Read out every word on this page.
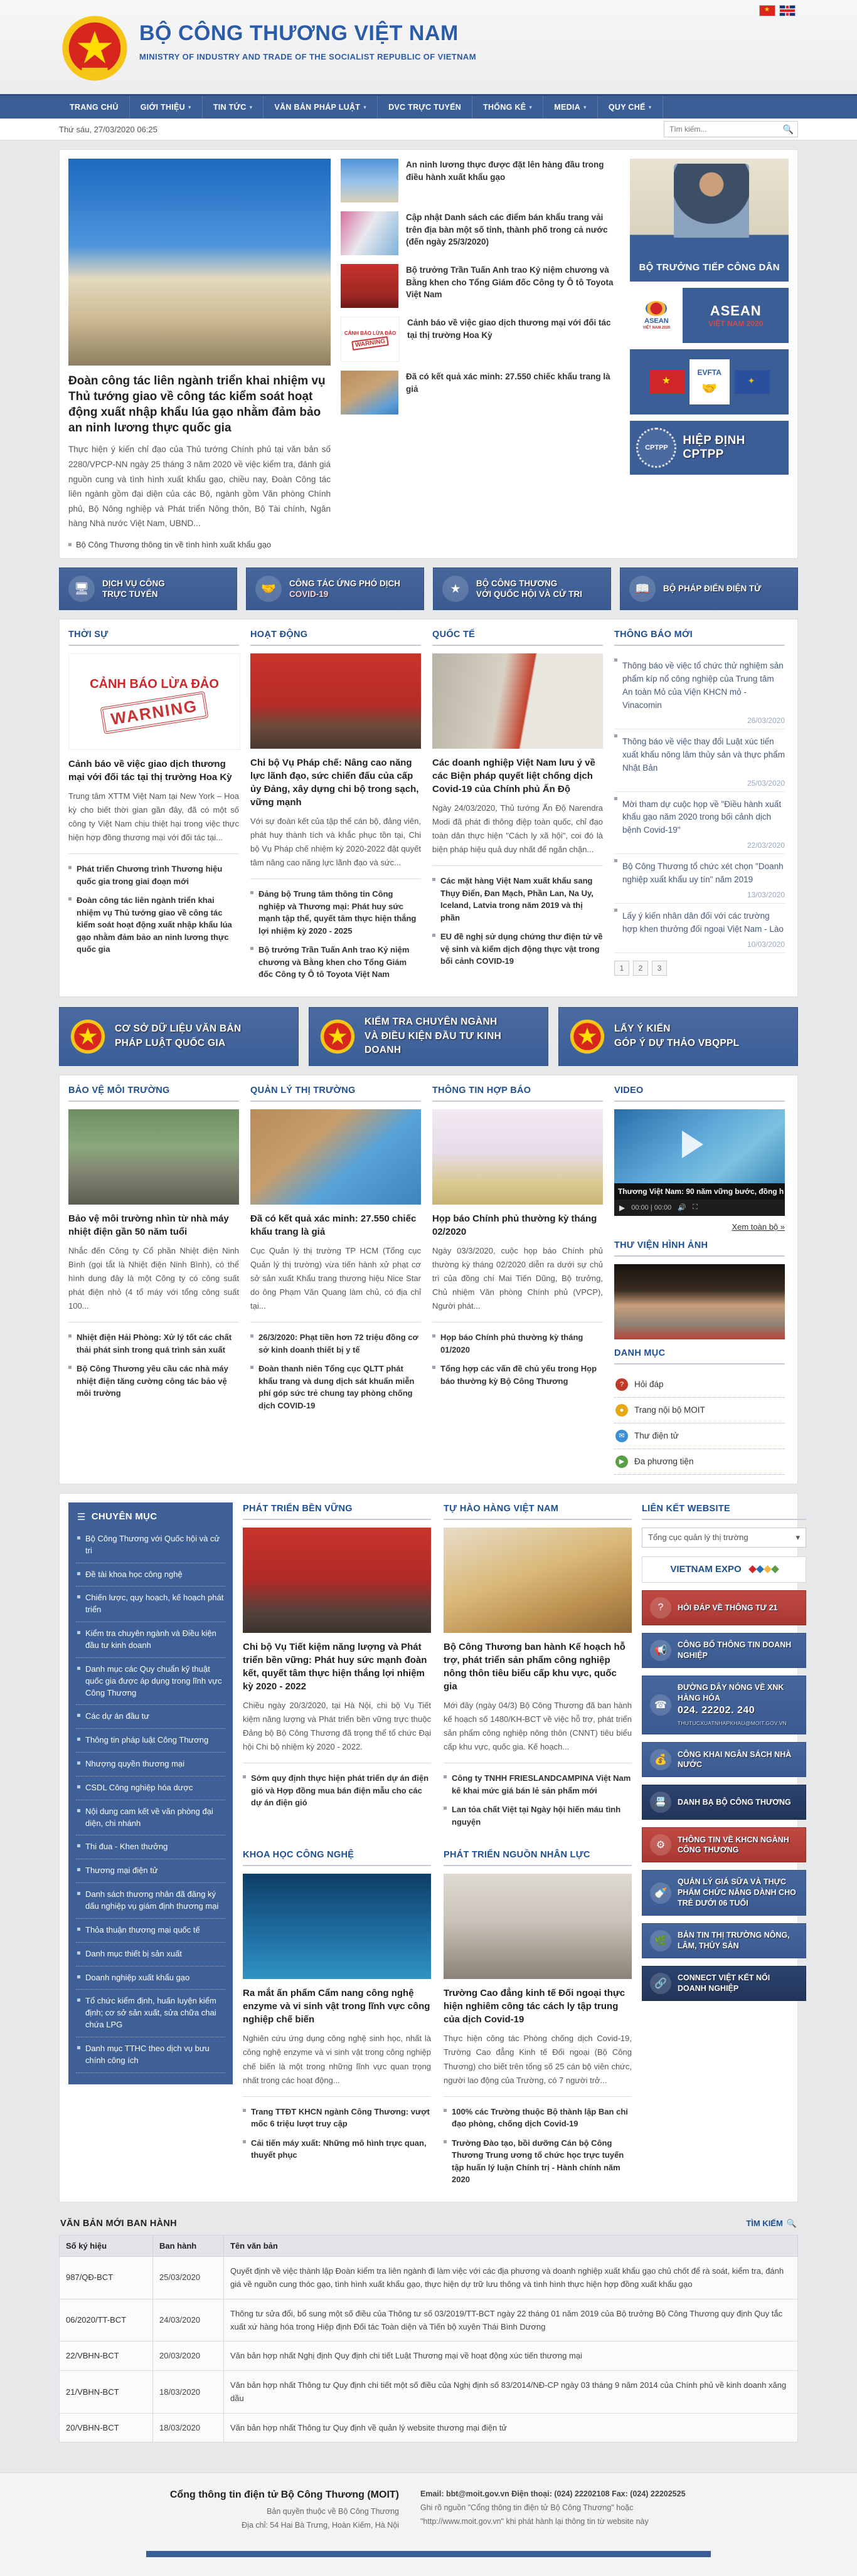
BỘ CÔNG THƯƠNG VIỆT NAM
MINISTRY OF INDUSTRY AND TRADE OF THE SOCIALIST REPUBLIC OF VIETNAM
★
TRANG CHỦ	GIỚI THIỆU ▾	TIN TỨC ▾	VĂN BẢN PHÁP LUẬT ▾	DVC TRỰC TUYẾN	THỐNG KÊ ▾	MEDIA ▾	QUY CHẾ ▾
Thứ sáu, 27/03/2020 06:25
Tìm kiếm...	🔍
Đoàn công tác liên ngành triển khai nhiệm vụ Thủ tướng giao về công tác kiểm soát hoạt động xuất nhập khẩu lúa gạo nhằm đảm bảo an ninh lương thực quốc gia

Thực hiện ý kiến chỉ đạo của Thủ tướng Chính phủ tại văn bản số 2280/VPCP-NN ngày 25 tháng 3 năm 2020 về việc kiểm tra, đánh giá nguồn cung và tình hình xuất khẩu gạo, chiều nay, Đoàn Công tác liên ngành gồm đại diện của các Bộ, ngành gồm Văn phòng Chính phủ, Bộ Nông nghiệp và Phát triển Nông thôn, Bộ Tài chính, Ngân hàng Nhà nước Việt Nam, UBND...

Bộ Công Thương thông tin về tình hình xuất khẩu gạo
An ninh lương thực được đặt lên hàng đầu trong điều hành xuất khẩu gạo
Cập nhật Danh sách các điểm bán khẩu trang vải trên địa bàn một số tỉnh, thành phố trong cả nước (đến ngày 25/3/2020)
Bộ trưởng Trần Tuấn Anh trao Kỷ niệm chương và Bằng khen cho Tổng Giám đốc Công ty Ô tô Toyota Việt Nam
CẢNH BÁO LỪA ĐẢO
WARNING
Cảnh báo về việc giao dịch thương mại với đối tác tại thị trường Hoa Kỳ
Đã có kết quả xác minh: 27.550 chiếc khẩu trang là giả
BỘ TRƯỞNG TIẾP CÔNG DÂN
ASEAN
VIỆT NAM 2020
ASEAN
VIỆT NAM 2020
★
EVFTA
🤝
✦
CPTPP
HIỆP ĐỊNH CPTPP
🖥	DỊCH VỤ CÔNG
TRỰC TUYẾN	🤝	CÔNG TÁC ỨNG PHÓ DỊCH
COVID-19	★	BỘ CÔNG THƯƠNG
VỚI QUỐC HỘI VÀ CỬ TRI	📖	BỘ PHÁP ĐIỂN ĐIỆN TỬ
THỜI SỰ
CẢNH BÁO LỪA ĐẢO
WARNING
Cảnh báo về việc giao dịch thương mại với đối tác tại thị trường Hoa Kỳ

Trung tâm XTTM Việt Nam tại New York – Hoa kỳ cho biết thời gian gần đây, đã có một số công ty Việt Nam chịu thiệt hại trong việc thực hiện hợp đồng thương mại với đối tác tại...

Phát triển Chương trình Thương hiệu quốc gia trong giai đoạn mới
Đoàn công tác liên ngành triển khai nhiệm vụ Thủ tướng giao về công tác kiểm soát hoạt động xuất nhập khẩu lúa gạo nhằm đảm bảo an ninh lương thực quốc gia
HOẠT ĐỘNG
Chi bộ Vụ Pháp chế: Nâng cao năng lực lãnh đạo, sức chiến đấu của cấp ủy Đảng, xây dựng chi bộ trong sạch, vững mạnh

Với sự đoàn kết của tập thể cán bộ, đảng viên, phát huy thành tích và khắc phục tồn tại, Chi bộ Vụ Pháp chế nhiệm kỳ 2020-2022 đặt quyết tâm nâng cao năng lực lãnh đạo và sức...

Đảng bộ Trung tâm thông tin Công nghiệp và Thương mại: Phát huy sức mạnh tập thể, quyết tâm thực hiện thắng lợi nhiệm kỳ 2020 - 2025
Bộ trưởng Trần Tuấn Anh trao Kỷ niệm chương và Bằng khen cho Tổng Giám đốc Công ty Ô tô Toyota Việt Nam
QUỐC TẾ
Các doanh nghiệp Việt Nam lưu ý về các Biện pháp quyết liệt chống dịch Covid-19 của Chính phủ Ấn Độ

Ngày 24/03/2020, Thủ tướng Ấn Độ Narendra Modi đã phát đi thông điệp toàn quốc, chỉ đạo toàn dân thực hiện "Cách ly xã hội", coi đó là biện pháp hiệu quả duy nhất để ngăn chặn...

Các mặt hàng Việt Nam xuất khẩu sang Thụy Điển, Đan Mạch, Phần Lan, Na Uy, Iceland, Latvia trong năm 2019 và thị phần
EU đề nghị sử dụng chứng thư điện tử về vệ sinh và kiểm dịch động thực vật trong bối cảnh COVID-19
THÔNG BÁO MỚI
Thông báo về việc tổ chức thử nghiệm sản phẩm kíp nổ công nghiệp của Trung tâm An toàn Mỏ của Viện KHCN mỏ - Vinacomin
26/03/2020
Thông báo về việc thay đổi Luật xúc tiến xuất khẩu nông lâm thủy sản và thực phẩm Nhật Bản
25/03/2020
Mời tham dự cuộc họp về "Điều hành xuất khẩu gạo năm 2020 trong bối cảnh dịch bệnh Covid-19"
22/03/2020
Bộ Công Thương tổ chức xét chọn "Doanh nghiệp xuất khẩu uy tín" năm 2019
13/03/2020
Lấy ý kiến nhân dân đối với các trường hợp khen thưởng đối ngoại Việt Nam - Lào
10/03/2020
1	2	3
CƠ SỞ DỮ LIỆU VĂN BẢN
PHÁP LUẬT QUỐC GIA
KIỂM TRA CHUYÊN NGÀNH
VÀ ĐIỀU KIỆN ĐẦU TƯ KINH DOANH
LẤY Ý KIẾN
GÓP Ý DỰ THẢO VBQPPL
BẢO VỆ MÔI TRƯỜNG
Bảo vệ môi trường nhìn từ nhà máy nhiệt điện gần 50 năm tuổi

Nhắc đến Công ty Cổ phần Nhiệt điện Ninh Bình (gọi tắt là Nhiệt điện Ninh Bình), có thể hình dung đây là một Công ty có công suất phát điện nhỏ (4 tổ máy với tổng công suất 100...

Nhiệt điện Hải Phòng: Xử lý tốt các chất thải phát sinh trong quá trình sản xuất
Bộ Công Thương yêu cầu các nhà máy nhiệt điện tăng cường công tác bảo vệ môi trường
QUẢN LÝ THỊ TRƯỜNG
Đã có kết quả xác minh: 27.550 chiếc khẩu trang là giả

Cục Quản lý thị trường TP HCM (Tổng cục Quản lý thị trường) vừa tiến hành xử phạt cơ sở sản xuất Khẩu trang thương hiệu Nice Star do ông Phạm Văn Quang làm chủ, có địa chỉ tại...

26/3/2020: Phạt tiền hơn 72 triệu đồng cơ sở kinh doanh thiết bị y tế
Đoàn thanh niên Tổng cục QLTT phát khẩu trang và dung dịch sát khuẩn miễn phí góp sức trẻ chung tay phòng chống dịch COVID-19
THÔNG TIN HỢP BÁO
Họp báo Chính phủ thường kỳ tháng 02/2020

Ngày 03/3/2020, cuộc họp báo Chính phủ thường kỳ tháng 02/2020 diễn ra dưới sự chủ trì của đồng chí Mai Tiến Dũng, Bộ trưởng, Chủ nhiệm Văn phòng Chính phủ (VPCP), Người phát...

Họp báo Chính phủ thường kỳ tháng 01/2020
Tổng hợp các vấn đề chủ yếu trong Họp báo thường kỳ Bộ Công Thương
VIDEO
Thương Việt Nam: 90 năm vững bước, đồng h
▶ 00:00 | 00:00 🔊 ⛶
Xem toàn bộ »
THƯ VIỆN HÌNH ẢNH
DANH MỤC
?	Hỏi đáp
●	Trang nội bộ MOIT
✉	Thư điện tử
▶	Đa phương tiện
☰ CHUYÊN MỤC
Bộ Công Thương với Quốc hội và cử tri
Đề tài khoa học công nghệ
Chiến lược, quy hoạch, kế hoạch phát triển
Kiểm tra chuyên ngành và Điều kiện đầu tư kinh doanh
Danh mục các Quy chuẩn kỹ thuật quốc gia được áp dụng trong lĩnh vực Công Thương
Các dự án đầu tư
Thông tin pháp luật Công Thương
Nhượng quyền thương mại
CSDL Công nghiệp hóa dược
Nội dung cam kết về văn phòng đại diện, chi nhánh
Thi đua - Khen thưởng
Thương mại điện tử
Danh sách thương nhân đã đăng ký dấu nghiệp vụ giám định thương mại
Thỏa thuận thương mại quốc tế
Danh mục thiết bị sản xuất
Doanh nghiệp xuất khẩu gạo
Tổ chức kiểm định, huấn luyện kiểm định; cơ sở sản xuất, sửa chữa chai chứa LPG
Danh mục TTHC theo dịch vụ bưu chính công ích
PHÁT TRIỂN BỀN VỮNG
Chi bộ Vụ Tiết kiệm năng lượng và Phát triển bền vững: Phát huy sức mạnh đoàn kết, quyết tâm thực hiện thắng lợi nhiệm kỳ 2020 - 2022

Chiều ngày 20/3/2020, tại Hà Nội, chi bộ Vụ Tiết kiệm năng lượng và Phát triển bền vững trực thuộc Đảng bộ Bộ Công Thương đã trọng thể tổ chức Đại hội Chi bộ nhiệm kỳ 2020 - 2022.

Sớm quy định thực hiện phát triển dự án điện gió và Hợp đồng mua bán điện mẫu cho các dự án điện gió
TỰ HÀO HÀNG VIỆT NAM
Bộ Công Thương ban hành Kế hoạch hỗ trợ, phát triển sản phẩm công nghiệp nông thôn tiêu biểu cấp khu vực, quốc gia

Mới đây (ngày 04/3) Bộ Công Thương đã ban hành kế hoạch số 1480/KH-BCT về việc hỗ trợ, phát triển sản phẩm công nghiệp nông thôn (CNNT) tiêu biểu cấp khu vực, quốc gia. Kế hoạch...

Công ty TNHH FRIESLANDCAMPINA Việt Nam kê khai mức giá bán lẻ sản phẩm mới
Lan tỏa chất Việt tại Ngày hội hiến máu tình nguyện
KHOA HỌC CÔNG NGHỆ
Ra mắt ấn phẩm Cẩm nang công nghệ enzyme và vi sinh vật trong lĩnh vực công nghiệp chế biến

Nghiên cứu ứng dụng công nghệ sinh học, nhất là công nghệ enzyme và vi sinh vật trong công nghiệp chế biến là một trong những lĩnh vực quan trọng nhất trong các hoạt động...

Trang TTĐT KHCN ngành Công Thương: vượt mốc 6 triệu lượt truy cập
Cải tiến máy xuất: Những mô hình trực quan, thuyết phục
PHÁT TRIỂN NGUỒN NHÂN LỰC
Trường Cao đẳng kinh tế Đối ngoại thực hiện nghiêm công tác cách ly tập trung của dịch Covid-19

Thực hiện công tác Phòng chống dịch Covid-19, Trường Cao đẳng Kinh tế Đối ngoại (Bộ Công Thương) cho biết trên tổng số 25 cán bộ viên chức, người lao động của Trường, có 7 người trở...

100% các Trường thuộc Bộ thành lập Ban chỉ đạo phòng, chống dịch Covid-19
Trường Đào tạo, bồi dưỡng Cán bộ Công Thương Trung ương tổ chức học trực tuyến tập huấn lý luận Chính trị - Hành chính năm 2020
LIÊN KẾT WEBSITE
Tổng cục quản lý thị trường	▾
VIETNAM EXPO
?	HỎI ĐÁP VỀ THÔNG TƯ 21
📢
CÔNG BỐ THÔNG TIN DOANH NGHIỆP
☎
ĐƯỜNG DÂY NÓNG VỀ XNK HÀNG HÓA
024. 22202. 240
THUTUCXUATNHAPKHAU@MOIT.GOV.VN
💰
CÔNG KHAI NGÂN SÁCH NHÀ NƯỚC
📇	DANH BẠ BỘ CÔNG THƯƠNG
⚙
THÔNG TIN VỀ KHCN NGÀNH CÔNG THƯƠNG
🍼
QUẢN LÝ GIÁ SỮA VÀ THỰC PHẨM CHỨC NĂNG DÀNH CHO TRẺ DƯỚI 06 TUỔI
🌿
BẢN TIN THỊ TRƯỜNG NÔNG, LÂM, THỦY SẢN
🔗
CONNECT VIỆT KẾT NỐI DOANH NGHIỆP
VĂN BẢN MỚI BAN HÀNH	TÌM KIẾM 🔍
Số ký hiệu	Ban hành	Tên văn bản
987/QĐ-BCT	25/03/2020	Quyết định về việc thành lập Đoàn kiểm tra liên ngành đi làm việc với các địa phương và doanh nghiệp xuất khẩu gạo chủ chốt để rà soát, kiểm tra, đánh giá về nguồn cung thóc gạo, tình hình xuất khẩu gạo, thực hiện dự trữ lưu thông và tình hình thực hiện hợp đồng xuất khẩu gạo
06/2020/TT-BCT	24/03/2020	Thông tư sửa đổi, bổ sung một số điều của Thông tư số 03/2019/TT-BCT ngày 22 tháng 01 năm 2019 của Bộ trưởng Bộ Công Thương quy định Quy tắc xuất xứ hàng hóa trong Hiệp định Đối tác Toàn diện và Tiến bộ xuyên Thái Bình Dương
22/VBHN-BCT	20/03/2020	Văn bản hợp nhất Nghị định Quy định chi tiết Luật Thương mại về hoạt động xúc tiến thương mại
21/VBHN-BCT	18/03/2020	Văn bản hợp nhất Thông tư Quy định chi tiết một số điều của Nghị định số 83/2014/NĐ-CP ngày 03 tháng 9 năm 2014 của Chính phủ về kinh doanh xăng dầu
20/VBHN-BCT	18/03/2020	Văn bản hợp nhất Thông tư Quy định về quản lý website thương mại điện tử
Cổng thông tin điện tử Bộ Công Thương (MOIT)
Bản quyền thuộc về Bộ Công Thương
Địa chỉ: 54 Hai Bà Trưng, Hoàn Kiếm, Hà Nội
Email: bbt@moit.gov.vn Điện thoại: (024) 22202108 Fax: (024) 22202525
Ghi rõ nguồn "Cổng thông tin điện tử Bộ Công Thương" hoặc
"http://www.moit.gov.vn" khi phát hành lại thông tin từ website này
